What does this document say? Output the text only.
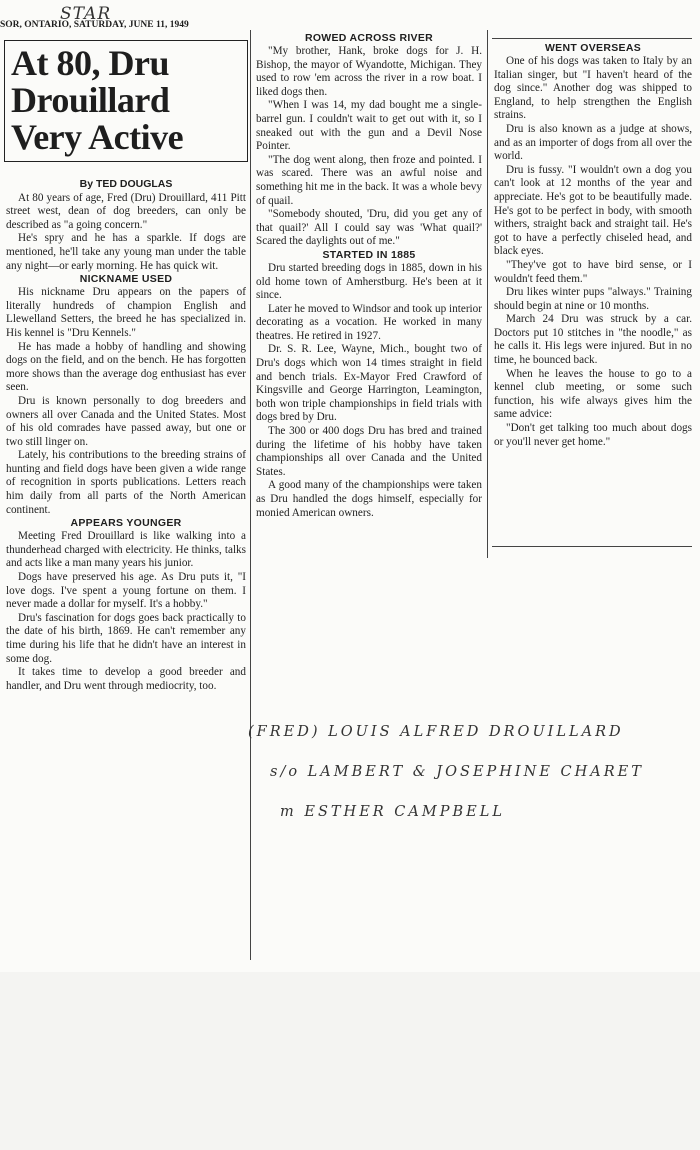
STAR
SOR, ONTARIO, SATURDAY, JUNE 11, 1949
At 80, Dru Drouillard Very Active

By TED DOUGLAS

At 80 years of age, Fred (Dru) Drouillard, 411 Pitt street west, dean of dog breeders, can only be described as "a going concern."

He's spry and he has a sparkle. If dogs are mentioned, he'll take any young man under the table any night—or early morning. He has quick wit.

NICKNAME USED

His nickname Dru appears on the papers of literally hundreds of champion English and Llewelland Setters, the breed he has specialized in. His kennel is "Dru Kennels."

He has made a hobby of handling and showing dogs on the field, and on the bench. He has forgotten more shows than the average dog enthusiast has ever seen.

Dru is known personally to dog breeders and owners all over Canada and the United States. Most of his old comrades have passed away, but one or two still linger on.

Lately, his contributions to the breeding strains of hunting and field dogs have been given a wide range of recognition in sports publications. Letters reach him daily from all parts of the North American continent.

APPEARS YOUNGER

Meeting Fred Drouillard is like walking into a thunderhead charged with electricity. He thinks, talks and acts like a man many years his junior.

Dogs have preserved his age. As Dru puts it, "I love dogs. I've spent a young fortune on them. I never made a dollar for myself. It's a hobby."

Dru's fascination for dogs goes back practically to the date of his birth, 1869. He can't remember any time during his life that he didn't have an interest in some dog.

It takes time to develop a good breeder and handler, and Dru went through mediocrity, too.

ROWED ACROSS RIVER

"My brother, Hank, broke dogs for J. H. Bishop, the mayor of Wyandotte, Michigan. They used to row 'em across the river in a row boat. I liked dogs then.

"When I was 14, my dad bought me a single-barrel gun. I couldn't wait to get out with it, so I sneaked out with the gun and a Devil Nose Pointer.

"The dog went along, then froze and pointed. I was scared. There was an awful noise and something hit me in the back. It was a whole bevy of quail.

"Somebody shouted, 'Dru, did you get any of that quail?' All I could say was 'What quail?' Scared the daylights out of me."

STARTED IN 1885

Dru started breeding dogs in 1885, down in his old home town of Amherstburg. He's been at it since.

Later he moved to Windsor and took up interior decorating as a vocation. He worked in many theatres. He retired in 1927.

Dr. S. R. Lee, Wayne, Mich., bought two of Dru's dogs which won 14 times straight in field and bench trials. Ex-Mayor Fred Crawford of Kingsville and George Harrington, Leamington, both won triple championships in field trials with dogs bred by Dru.

The 300 or 400 dogs Dru has bred and trained during the lifetime of his hobby have taken championships all over Canada and the United States.

A good many of the championships were taken as Dru handled the dogs himself, especially for monied American owners.

WENT OVERSEAS

One of his dogs was taken to Italy by an Italian singer, but "I haven't heard of the dog since." Another dog was shipped to England, to help strengthen the English strains.

Dru is also known as a judge at shows, and as an importer of dogs from all over the world.

Dru is fussy. "I wouldn't own a dog you can't look at 12 months of the year and appreciate. He's got to be beautifully made. He's got to be perfect in body, with smooth withers, straight back and straight tail. He's got to have a perfectly chiseled head, and black eyes.

"They've got to have bird sense, or I wouldn't feed them."

Dru likes winter pups "always." Training should begin at nine or 10 months.

March 24 Dru was struck by a car. Doctors put 10 stitches in "the noodle," as he calls it. His legs were injured. But in no time, he bounced back.

When he leaves the house to go to a kennel club meeting, or some such function, his wife always gives him the same advice:

"Don't get talking too much about dogs or you'll never get home."

(FRED) LOUIS ALFRED DROUILLARD
s/o LAMBERT & JOSEPHINE CHARET
m ESTHER CAMPBELL
